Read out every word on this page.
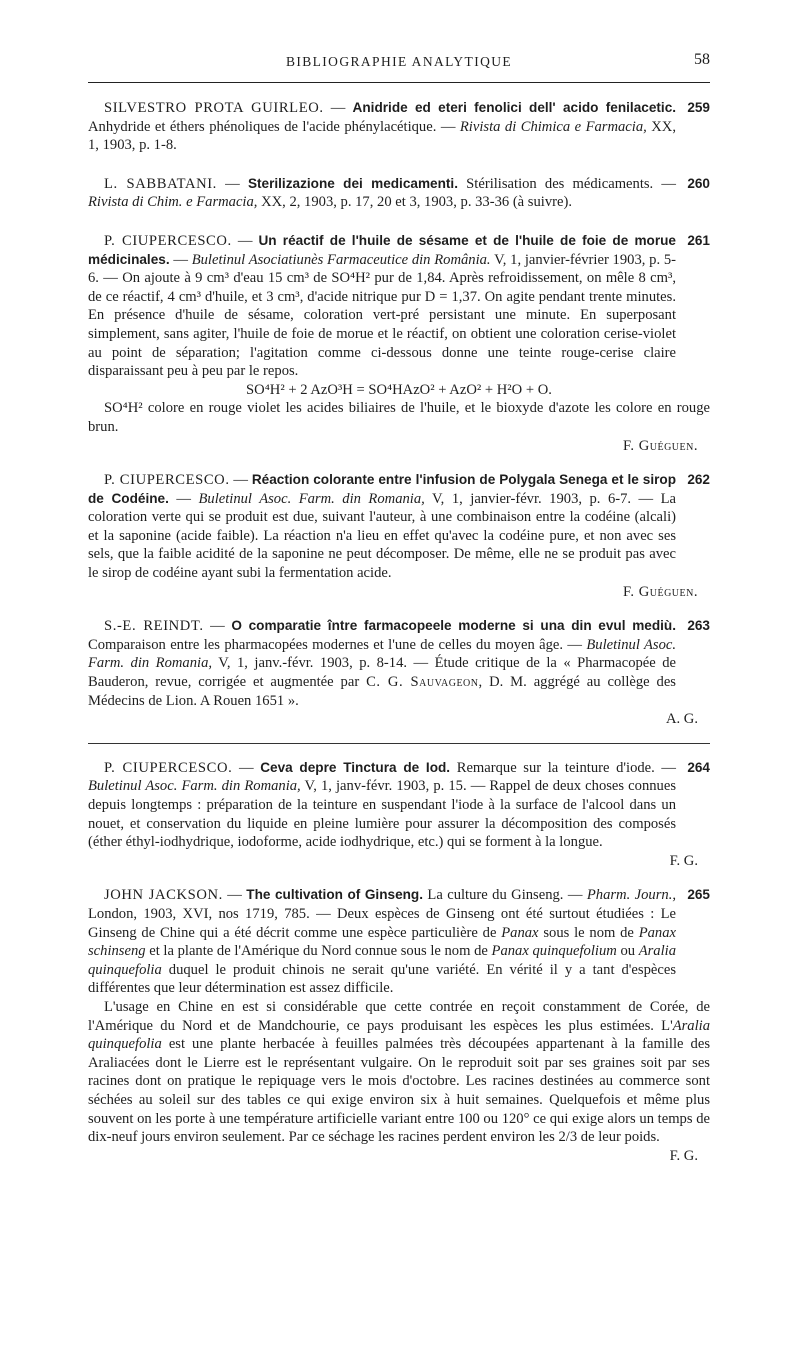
BIBLIOGRAPHIE ANALYTIQUE	58
259

SILVESTRO PROTA GUIRLEO. — Anidride ed eteri fenolici dell' acido fenilacetic. Anhydride et éthers phénoliques de l'acide phénylacétique. — Rivista di Chimica e Farmacia, XX, 1, 1903, p. 1-8.

260

L. SABBATANI. — Sterilizazione dei medicamenti. Stérilisation des médicaments. — Rivista di Chim. e Farmacia, XX, 2, 1903, p. 17, 20 et 3, 1903, p. 33-36 (à suivre).

261

P. CIUPERCESCO. — Un réactif de l'huile de sésame et de l'huile de foie de morue médicinales. — Buletinul Asociatiunès Farmaceutice din România. V, 1, janvier-février 1903, p. 5-6. — On ajoute à 9 cm³ d'eau 15 cm³ de SO⁴H² pur de 1,84. Après refroidissement, on mêle 8 cm³, de ce réactif, 4 cm³ d'huile, et 3 cm³, d'acide nitrique pur D = 1,37. On agite pendant trente minutes. En présence d'huile de sésame, coloration vert-pré persistant une minute. En superposant simplement, sans agiter, l'huile de foie de morue et le réactif, on obtient une coloration cerise-violet au point de séparation; l'agitation comme ci-dessous donne une teinte rouge-cerise claire disparaissant peu à peu par le repos.

SO⁴H² + 2 AzO³H = SO⁴HAzO² + AzO² + H²O + O.

SO⁴H² colore en rouge violet les acides biliaires de l'huile, et le bioxyde d'azote les colore en rouge brun.

F. Guéguen.
262

P. CIUPERCESCO. — Réaction colorante entre l'infusion de Polygala Senega et le sirop de Codéine. — Buletinul Asoc. Farm. din Romania, V, 1, janvier-févr. 1903, p. 6-7. — La coloration verte qui se produit est due, suivant l'auteur, à une combinaison entre la codéine (alcali) et la saponine (acide faible). La réaction n'a lieu en effet qu'avec la codéine pure, et non avec ses sels, que la faible acidité de la saponine ne peut décomposer. De même, elle ne se produit pas avec le sirop de codéine ayant subi la fermentation acide.

F. Guéguen.
263

S.-E. REINDT. — O comparatie între farmacopeele moderne si una din evul mediù. Comparaison entre les pharmacopées modernes et l'une de celles du moyen âge. — Buletinul Asoc. Farm. din Romania, V, 1, janv.-févr. 1903, p. 8-14. — Étude critique de la « Pharmacopée de Bauderon, revue, corrigée et augmentée par C. G. Sauvageon, D. M. aggrégé au collège des Médecins de Lion. A Rouen 1651 ».

A. G.
264

P. CIUPERCESCO. — Ceva depre Tinctura de Iod. Remarque sur la teinture d'iode. — Buletinul Asoc. Farm. din Romania, V, 1, janv-févr. 1903, p. 15. — Rappel de deux choses connues depuis longtemps : préparation de la teinture en suspendant l'iode à la surface de l'alcool dans un nouet, et conservation du liquide en pleine lumière pour assurer la décomposition des composés (éther éthyl-iodhydrique, iodoforme, acide iodhydrique, etc.) qui se forment à la longue.

F. G.
265

JOHN JACKSON. — The cultivation of Ginseng. La culture du Ginseng. — Pharm. Journ., London, 1903, XVI, nos 1719, 785. — Deux espèces de Ginseng ont été surtout étudiées : Le Ginseng de Chine qui a été décrit comme une espèce particulière de Panax sous le nom de Panax schinseng et la plante de l'Amérique du Nord connue sous le nom de Panax quinquefolium ou Aralia quinquefolia duquel le produit chinois ne serait qu'une variété. En vérité il y a tant d'espèces différentes que leur détermination est assez difficile.

L'usage en Chine en est si considérable que cette contrée en reçoit constamment de Corée, de l'Amérique du Nord et de Mandchourie, ce pays produisant les espèces les plus estimées. L'Aralia quinquefolia est une plante herbacée à feuilles palmées très découpées appartenant à la famille des Araliacées dont le Lierre est le représentant vulgaire. On le reproduit soit par ses graines soit par ses racines dont on pratique le repiquage vers le mois d'octobre. Les racines destinées au commerce sont séchées au soleil sur des tables ce qui exige environ six à huit semaines. Quelquefois et même plus souvent on les porte à une température artificielle variant entre 100 ou 120° ce qui exige alors un temps de dix-neuf jours environ seulement. Par ce séchage les racines perdent environ les 2/3 de leur poids.
F. G.
